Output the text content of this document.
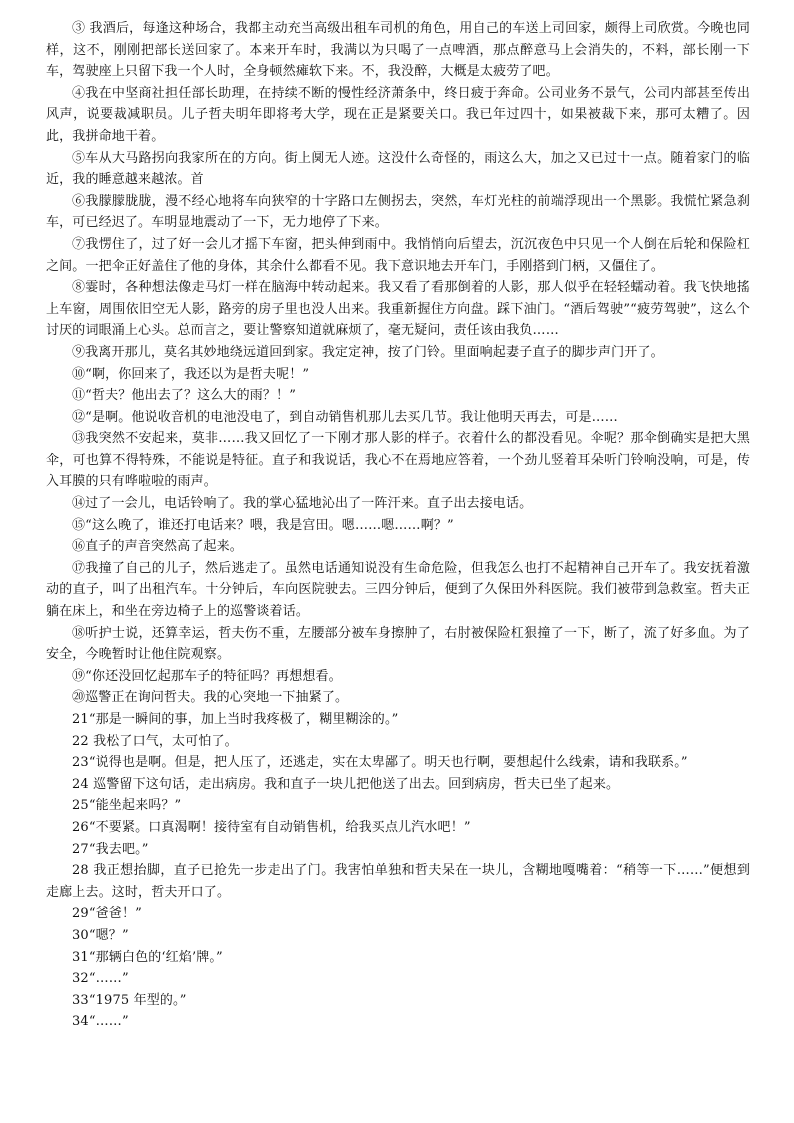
③ 我酒后，每逢这种场合，我都主动充当高级出租车司机的角色，用自己的车送上司回家，颇得上司欣赏。今晚也同样，这不，刚刚把部长送回家了。本来开车时，我满以为只喝了一点啤酒，那点醉意马上会消失的，不料，部长刚一下车，驾驶座上只留下我一个人时，全身顿然瘫软下来。不，我没醉，大概是太疲劳了吧。

④我在中坚商社担任部长助理，在持续不断的慢性经济萧条中，终日疲于奔命。公司业务不景气，公司内部甚至传出风声，说要裁减职员。儿子哲夫明年即将考大学，现在正是紧要关口。我已年过四十，如果被裁下来，那可太糟了。因此，我拼命地干着。

⑤车从大马路拐向我家所在的方向。街上阒无人迹。这没什么奇怪的，雨这么大，加之又已过十一点。随着家门的临近，我的睡意越来越浓。首

⑥我朦朦胧胧，漫不经心地将车向狭窄的十字路口左侧拐去，突然，车灯光柱的前端浮现出一个黑影。我慌忙紧急刹车，可已经迟了。车明显地震动了一下，无力地停了下来。

⑦我愣住了，过了好一会儿才摇下车窗，把头伸到雨中。我悄悄向后望去，沉沉夜色中只见一个人倒在后轮和保险杠之间。一把伞正好盖住了他的身体，其余什么都看不见。我下意识地去开车门，手刚搭到门柄，又僵住了。

⑧霎时，各种想法像走马灯一样在脑海中转动起来。我又看了看那倒着的人影，那人似乎在轻轻蠕动着。我飞快地搖上车窗，周围依旧空无人影，路旁的房子里也没人出来。我重新握住方向盘。踩下油门。“酒后驾驶”“疲劳驾驶”，这么个讨厌的词眼涌上心头。总而言之，要让警察知道就麻烦了，毫无疑问，责任该由我负……

⑨我离开那儿，莫名其妙地绕远道回到家。我定定神，按了门铃。里面响起妻子直子的脚步声门开了。

⑩“啊，你回来了，我还以为是哲夫呢！”

⑪“哲夫？他出去了？这么大的雨？！”

⑫“是啊。他说收音机的电池没电了，到自动销售机那儿去买几节。我让他明天再去，可是……

⑬我突然不安起来，莫非……我又回忆了一下刚才那人影的样子。衣着什么的都没看见。伞呢？那伞倒确实是把大黑伞，可也算不得特殊，不能说是特征。直子和我说话，我心不在焉地应答着，一个劲儿竖着耳朵听门铃响没响，可是，传入耳膜的只有哗啦啦的雨声。

⑭过了一会儿，电话铃响了。我的掌心猛地沁出了一阵汗来。直子出去接电话。

⑮“这么晚了，谁还打电话来？喂，我是宫田。嗯……嗯……啊？”

⑯直子的声音突然高了起来。

⑰我撞了自己的儿子，然后逃走了。虽然电话通知说没有生命危险，但我怎么也打不起精神自己开车了。我安抚着激动的直子，叫了出租汽车。十分钟后，车向医院驶去。三四分钟后，便到了久保田外科医院。我们被带到急救室。哲夫正躺在床上，和坐在旁边椅子上的巡警谈着话。

⑱听护士说，还算幸运，哲夫伤不重，左腰部分被车身擦肿了，右肘被保险杠狠撞了一下，断了，流了好多血。为了安全，今晚暂时让他住院观察。

⑲“你还没回忆起那车子的特征吗？再想想看。

⑳巡警正在询问哲夫。我的心突地一下抽紧了。

21“那是一瞬间的事，加上当时我疼极了，糊里糊涂的。”

22 我松了口气，太可怕了。

23“说得也是啊。但是，把人压了，还逃走，实在太卑鄙了。明天也行啊，要想起什么线索，请和我联系。”

24 巡警留下这句话，走出病房。我和直子一块儿把他送了出去。回到病房，哲夫已坐了起来。

25“能坐起来吗？”

26“不要紧。口真渴啊！接待室有自动销售机，给我买点儿汽水吧！”

27“我去吧。”

28 我正想抬脚，直子已抢先一步走出了门。我害怕单独和哲夫呆在一块儿，含糊地嘎嘴着：“稍等一下……”便想到走廊上去。这时，哲夫开口了。

29“爸爸！”

30“嗯？”

31“那辆白色的‘红焰’牌。”

32“……”

33“1975 年型的。”

34“……”
